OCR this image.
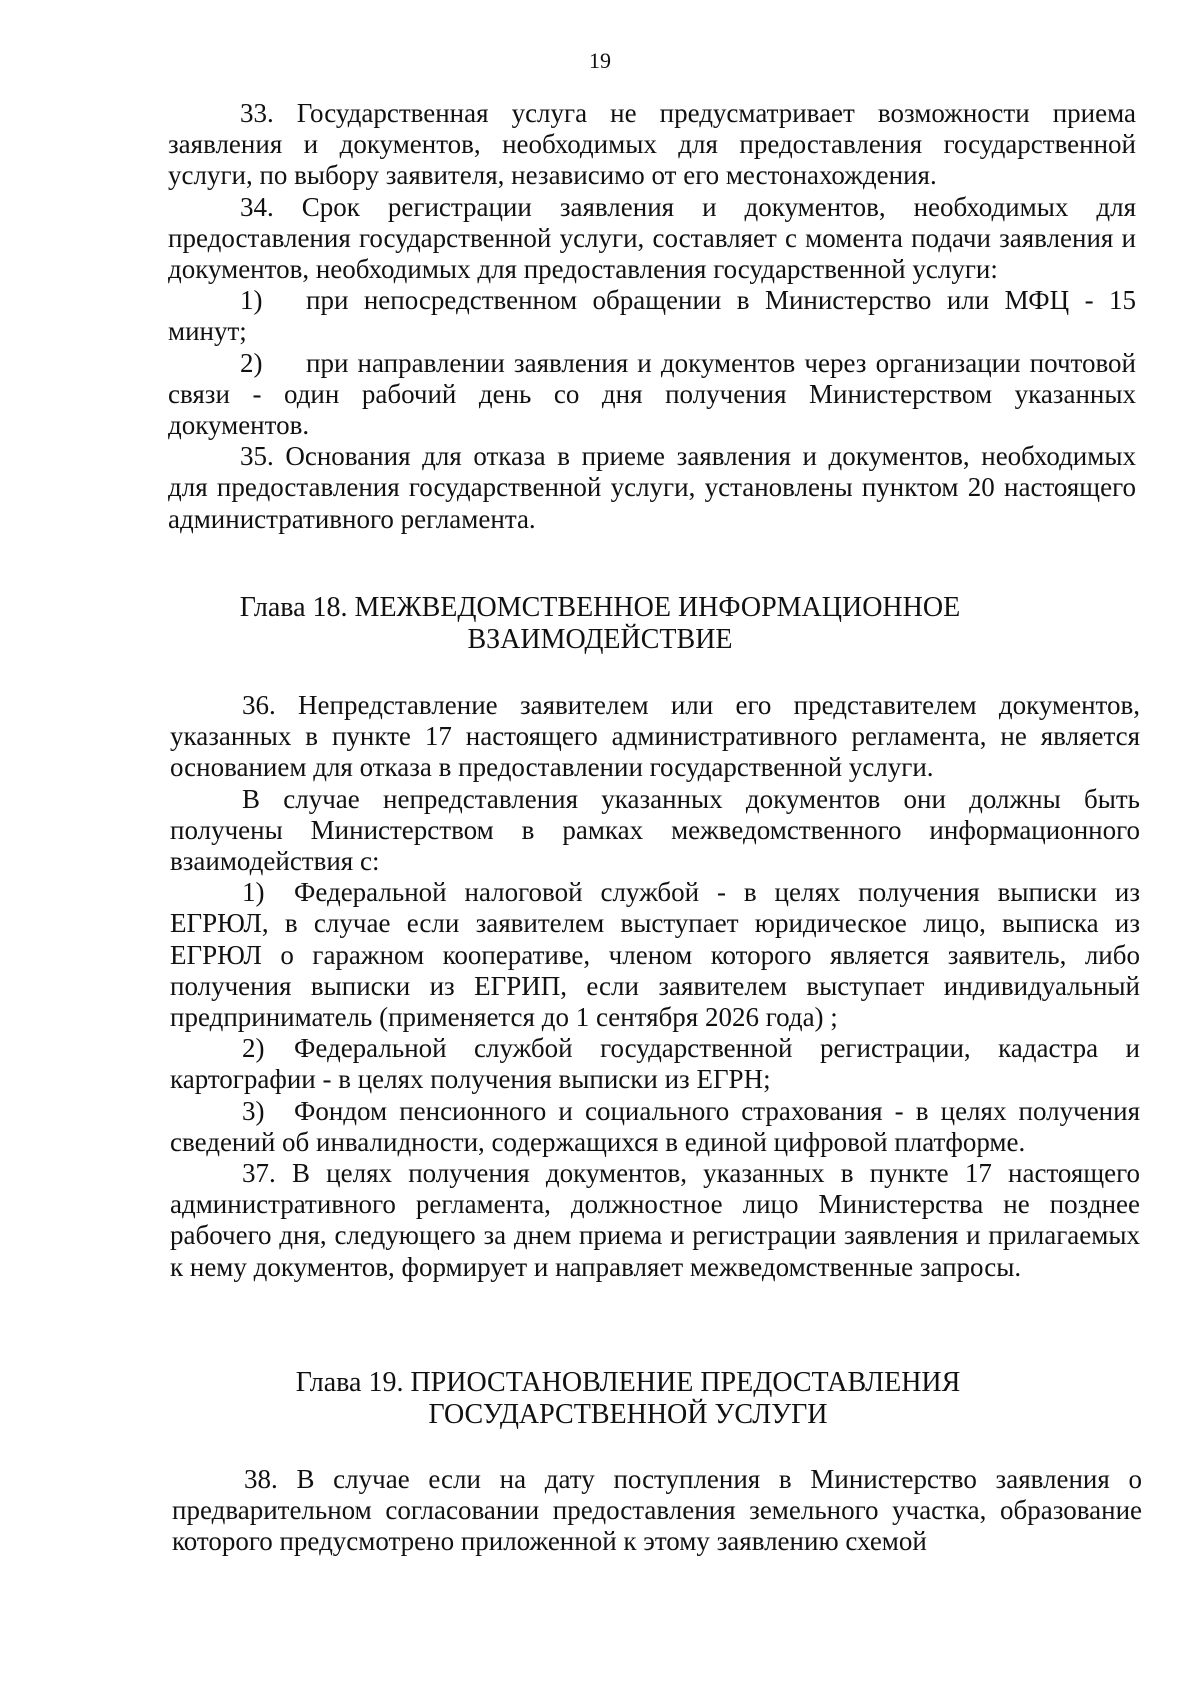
19

33. Государственная услуга не предусматривает возможности приема заявления и документов, необходимых для предоставления государственной услуги, по выбору заявителя, независимо от его местонахождения.

34. Срок регистрации заявления и документов, необходимых для предоставления государственной услуги, составляет с момента подачи заявления и документов, необходимых для предоставления государственной услуги:

1) при непосредственном обращении в Министерство или МФЦ - 15 минут;

2) при направлении заявления и документов через организации почтовой связи - один рабочий день со дня получения Министерством указанных документов.

35. Основания для отказа в приеме заявления и документов, необходимых для предоставления государственной услуги, установлены пунктом 20 настоящего административного регламента.

Глава 18. МЕЖВЕДОМСТВЕННОЕ ИНФОРМАЦИОННОЕ
ВЗАИМОДЕЙСТВИЕ

36. Непредставление заявителем или его представителем документов, указанных в пункте 17 настоящего административного регламента, не является основанием для отказа в предоставлении государственной услуги.

В случае непредставления указанных документов они должны быть получены Министерством в рамках межведомственного информационного взаимодействия с:

1) Федеральной налоговой службой - в целях получения выписки из ЕГРЮЛ, в случае если заявителем выступает юридическое лицо, выписка из ЕГРЮЛ о гаражном кооперативе, членом которого является заявитель, либо получения выписки из ЕГРИП, если заявителем выступает индивидуальный предприниматель (применяется до 1 сентября 2026 года) ;

2) Федеральной службой государственной регистрации, кадастра и картографии - в целях получения выписки из ЕГРН;

3) Фондом пенсионного и социального страхования - в целях получения сведений об инвалидности, содержащихся в единой цифровой платформе.

37. В целях получения документов, указанных в пункте 17 настоящего административного регламента, должностное лицо Министерства не позднее рабочего дня, следующего за днем приема и регистрации заявления и прилагаемых к нему документов, формирует и направляет межведомственные запросы.

Глава 19. ПРИОСТАНОВЛЕНИЕ ПРЕДОСТАВЛЕНИЯ
ГОСУДАРСТВЕННОЙ УСЛУГИ

38. В случае если на дату поступления в Министерство заявления о предварительном согласовании предоставления земельного участка, образование которого предусмотрено приложенной к этому заявлению схемой
